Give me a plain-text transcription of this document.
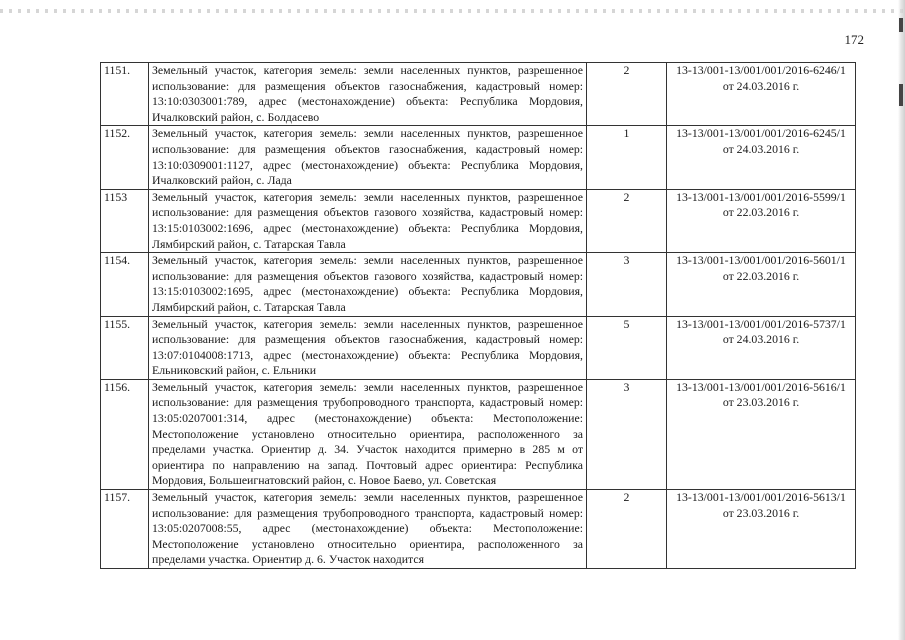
172
1151.	Земельный участок, категория земель: земли населенных пунктов, разрешенное использование: для размещения объектов газоснабжения, кадастровый номер: 13:10:0303001:789, адрес (местонахождение) объекта: Республика Мордовия, Ичалковский район, с. Болдасево	2	13-13/001-13/001/001/2016-6246/1 от 24.03.2016 г.
1152.	Земельный участок, категория земель: земли населенных пунктов, разрешенное использование: для размещения объектов газоснабжения, кадастровый номер: 13:10:0309001:1127, адрес (местонахождение) объекта: Республика Мордовия, Ичалковский район, с. Лада	1	13-13/001-13/001/001/2016-6245/1 от 24.03.2016 г.
1153	Земельный участок, категория земель: земли населенных пунктов, разрешенное использование: для размещения объектов газового хозяйства, кадастровый номер: 13:15:0103002:1696, адрес (местонахождение) объекта: Республика Мордовия, Лямбирский район, с. Татарская Тавла	2	13-13/001-13/001/001/2016-5599/1 от 22.03.2016 г.
1154.	Земельный участок, категория земель: земли населенных пунктов, разрешенное использование: для размещения объектов газового хозяйства, кадастровый номер: 13:15:0103002:1695, адрес (местонахождение) объекта: Республика Мордовия, Лямбирский район, с. Татарская Тавла	3	13-13/001-13/001/001/2016-5601/1 от 22.03.2016 г.
1155.	Земельный участок, категория земель: земли населенных пунктов, разрешенное использование: для размещения объектов газоснабжения, кадастровый номер: 13:07:0104008:1713, адрес (местонахождение) объекта: Республика Мордовия, Ельниковский район, с. Ельники	5	13-13/001-13/001/001/2016-5737/1 от 24.03.2016 г.
1156.	Земельный участок, категория земель: земли населенных пунктов, разрешенное использование: для размещения трубопроводного транспорта, кадастровый номер: 13:05:0207001:314, адрес (местонахождение) объекта: Местоположение: Местоположение установлено относительно ориентира, расположенного за пределами участка. Ориентир д. 34. Участок находится примерно в 285 м от ориентира по направлению на запад. Почтовый адрес ориентира: Республика Мордовия, Большеигнатовский район, с. Новое Баево, ул. Советская	3	13-13/001-13/001/001/2016-5616/1 от 23.03.2016 г.
1157.	Земельный участок, категория земель: земли населенных пунктов, разрешенное использование: для размещения трубопроводного транспорта, кадастровый номер: 13:05:0207008:55, адрес (местонахождение) объекта: Местоположение: Местоположение установлено относительно ориентира, расположенного за пределами участка. Ориентир д. 6. Участок находится	2	13-13/001-13/001/001/2016-5613/1 от 23.03.2016 г.
